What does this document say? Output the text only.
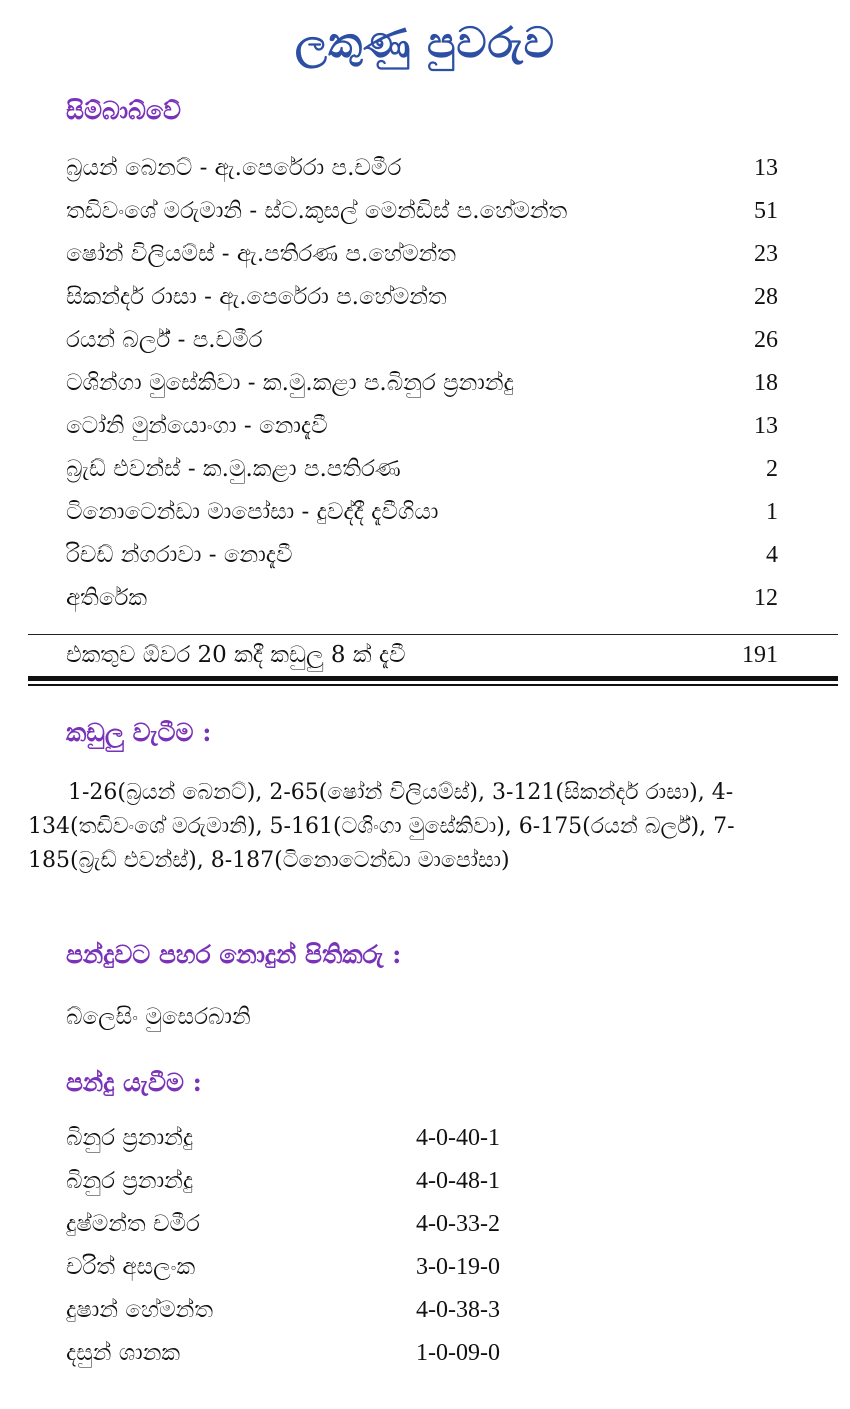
ලකුණු පුවරුව
සිම්බාබ්වේ
බ්‍රයන් බෙනට් - ඇ.පෙරේරා ප.චමීර	13
තඩිවංශේ මරුමානි - ස්ට.කුසල් මෙන්ඩිස් ප.හේමන්ත	51
ෂෝන් විලියම්ස් - ඇ.පතිරණ ප.හේමන්ත	23
සිකන්දර් රාසා - ඇ.පෙරේරා ප.හේමන්ත	28
රයන් බර්ල් - ප.චමීර	26
ටශින්ගා මුසේකිවා - ක.මු.කළා ප.බිනුර ප්‍රනාන්දු	18
ටෝනි මුන්යොංගා - නොදැවී	13
බ්‍රැඩ් එවන්ස් - ක.මු.කළා ප.පතිරණ	2
ටිනොටෙන්ඩා මාපෝසා - දුවද්දී දැවීගියා	1
රිචඩ් න්ගරාවා - නොදැවී	4
අතිරේක	12
එකතුව ඕවර 20 කදී කඩුලු 8 ක් දැවී	191
කඩුලු වැටීම :
1-26(බ්‍රයන් බෙනට්), 2-65(ෂෝන් විලියම්ස්), 3-121(සිකන්දර් රාසා), 4-134(තඩිවංශේ මරුමානි), 5-161(ටශිංගා මුසේකිවා), 6-175(රයන් බර්ල්), 7-185(බ්‍රැඩ් එවන්ස්), 8-187(ටිනොටෙන්ඩා මාපෝසා)
පන්දුවට පහර නොදුන් පිතිකරු :
බ්ලෙසිං මුසෙරබානි
පන්දු යැවීම :
බිනුර ප්‍රනාන්දු	4-0-40-1
බිනුර ප්‍රනාන්දු	4-0-48-1
දුෂ්මන්ත චමීර	4-0-33-2
චරිත් අසලංක	3-0-19-0
දුෂාන් හේමන්ත	4-0-38-3
දසුන් ශානක	1-0-09-0
